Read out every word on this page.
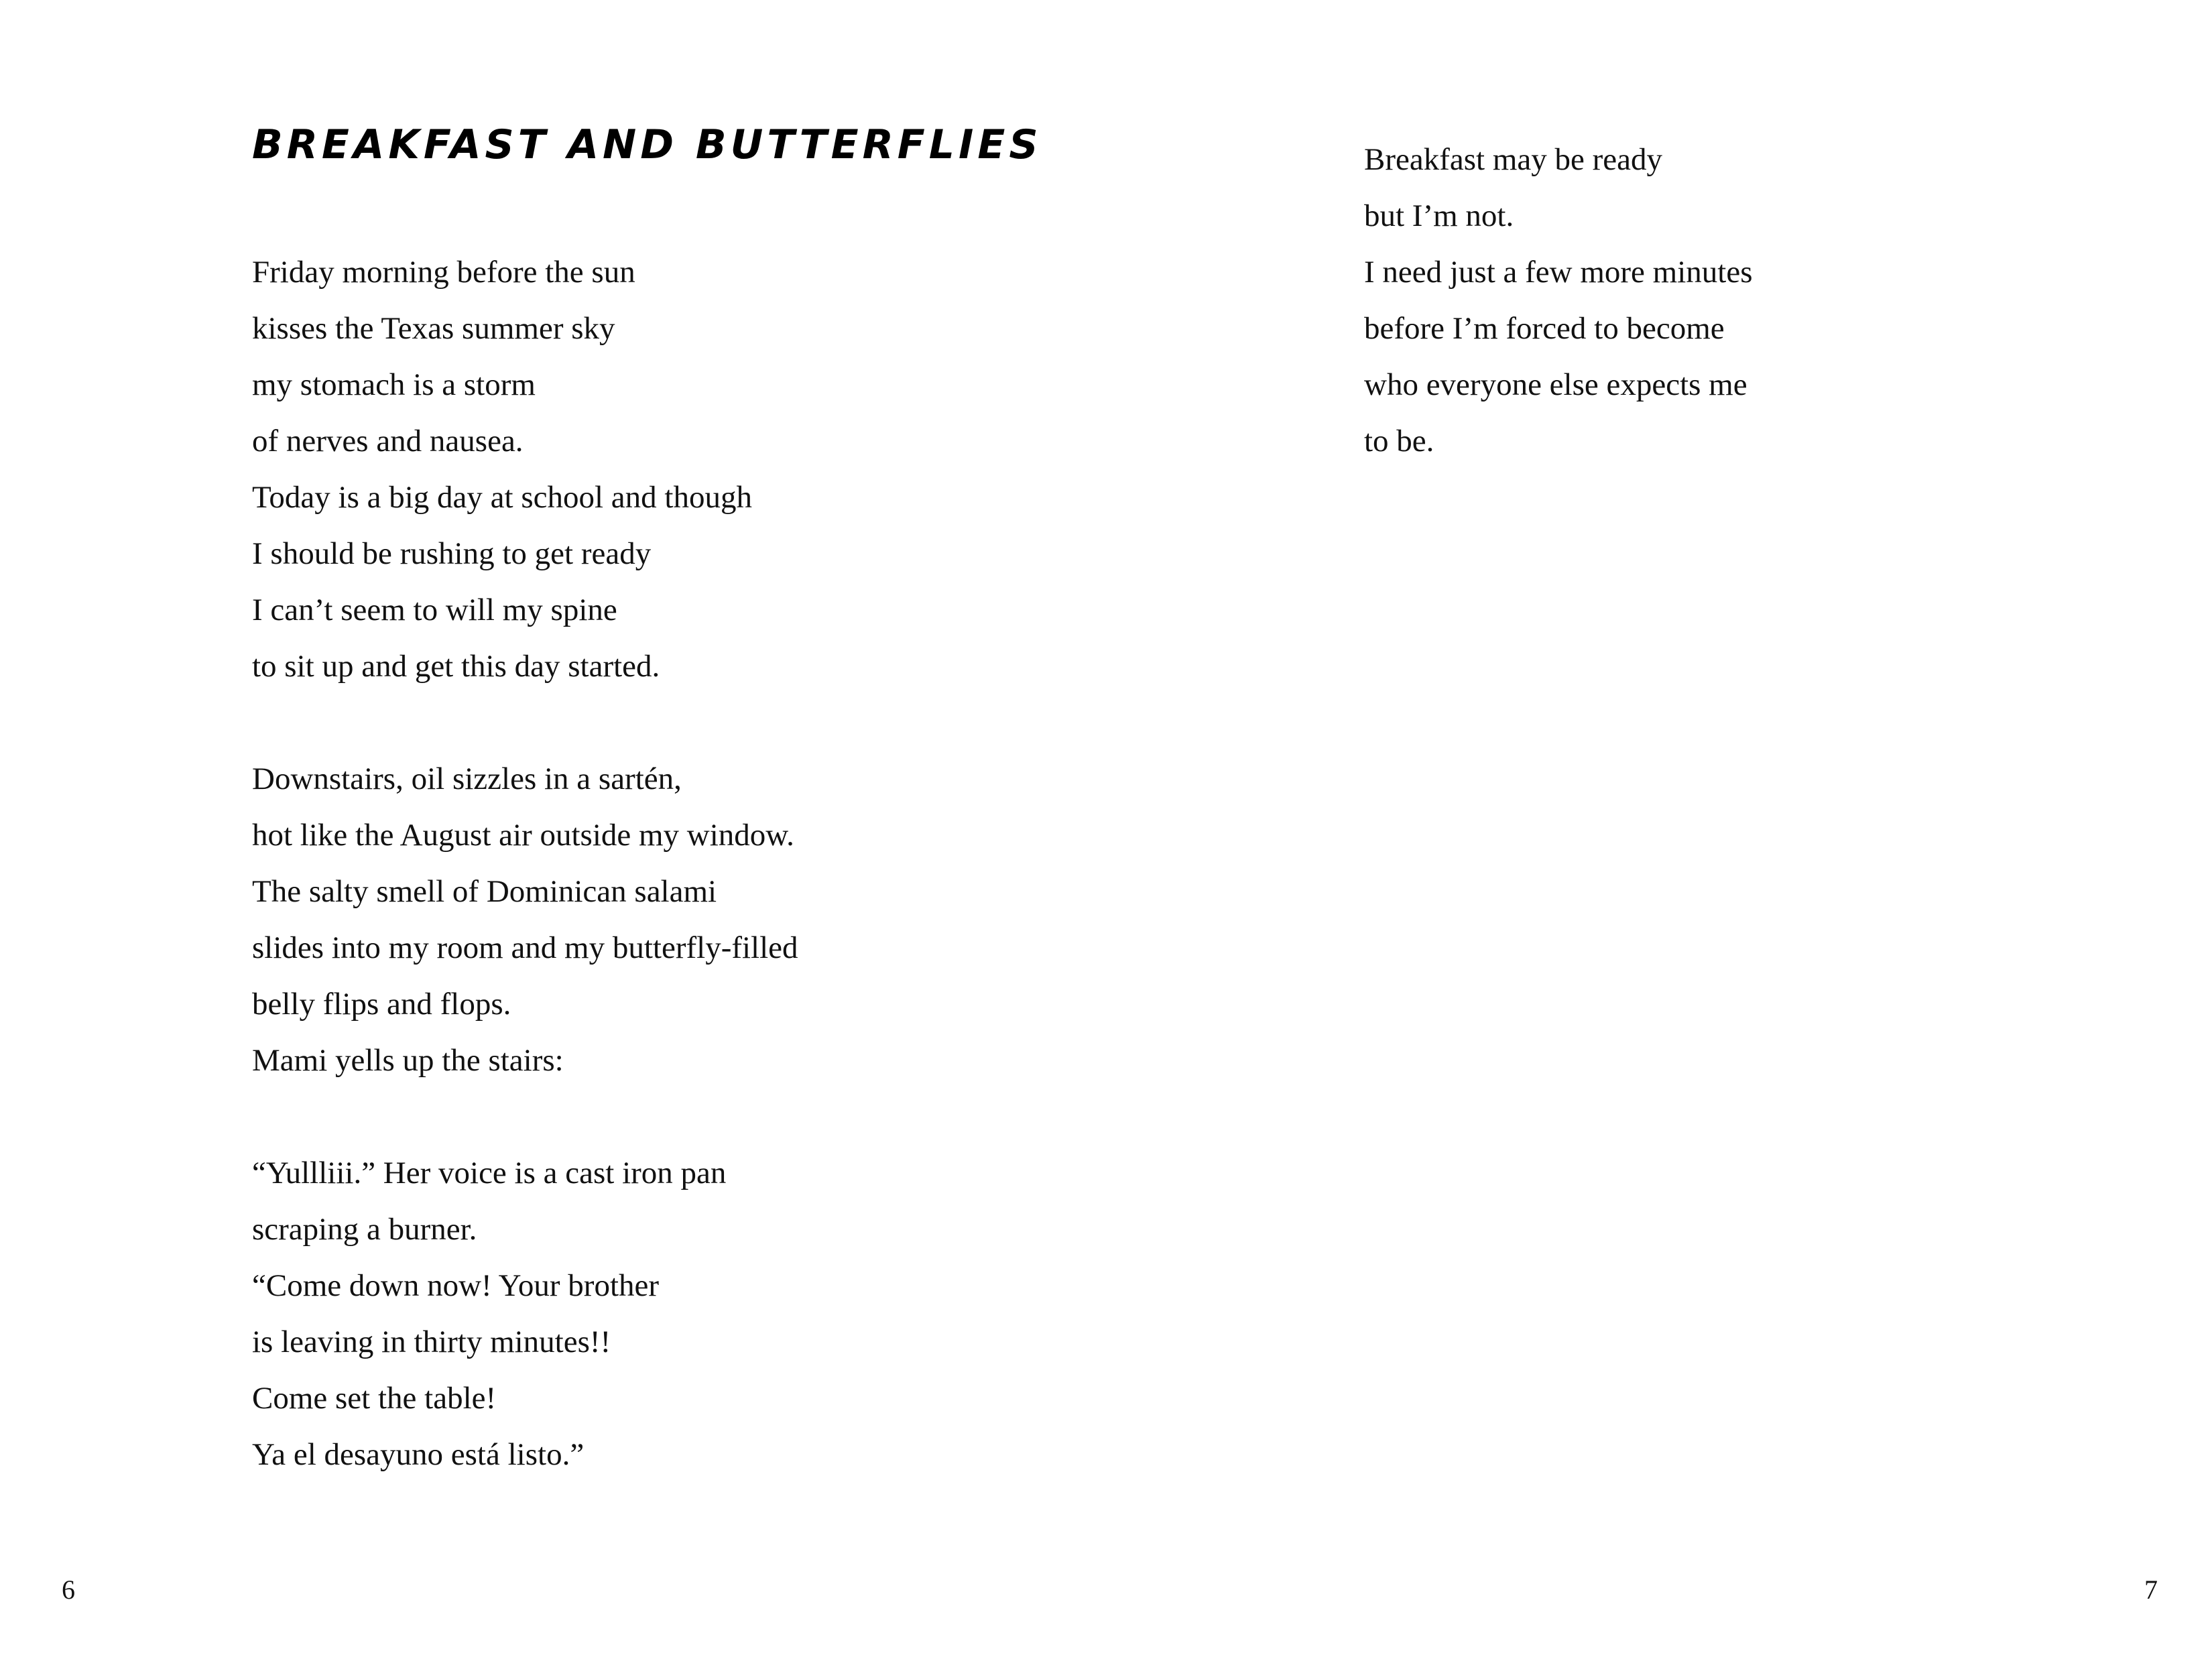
BREAKFAST AND BUTTERFLIES
Friday morning before the sun
kisses the Texas summer sky
my stomach is a storm
of nerves and nausea.
Today is a big day at school and though
I should be rushing to get ready
I can’t seem to will my spine
to sit up and get this day started.
Downstairs, oil sizzles in a sartén,
hot like the August air outside my window.
The salty smell of Dominican salami
slides into my room and my butterfly-filled
belly flips and flops.
Mami yells up the stairs:
“Yullliii.” Her voice is a cast iron pan
scraping a burner.
“Come down now! Your brother
is leaving in thirty minutes!!
Come set the table!
Ya el desayuno está listo.”
6
Breakfast may be ready
but I’m not.
I need just a few more minutes
before I’m forced to become
who everyone else expects me
to be.
7
